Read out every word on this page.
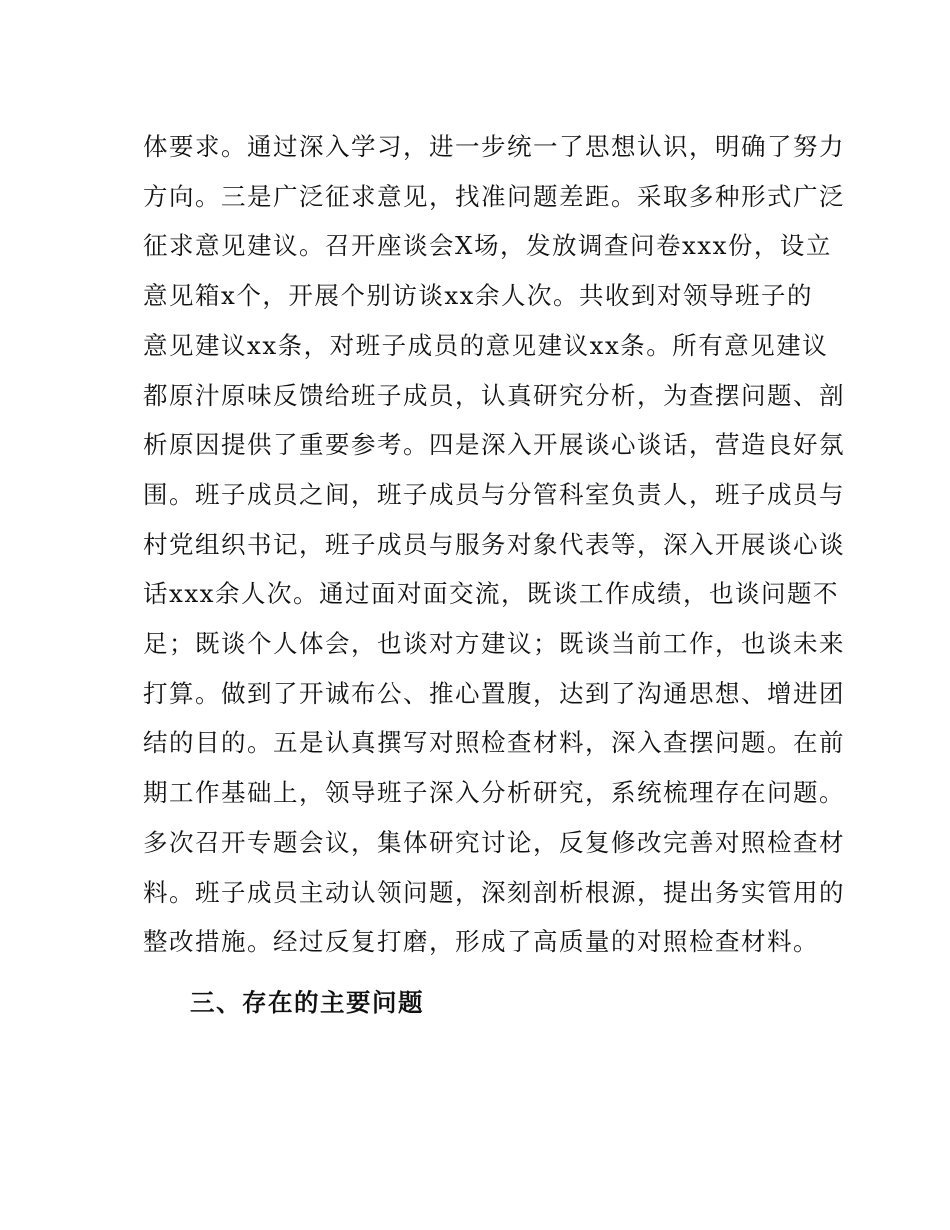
体要求。通过深入学习，进一步统一了思想认识，明确了努力
方向。三是广泛征求意见，找准问题差距。采取多种形式广泛
征求意见建议。召开座谈会X场，发放调查问卷xxx份，设立
意见箱x个，开展个别访谈xx余人次。共收到对领导班子的
意见建议xx条，对班子成员的意见建议xx条。所有意见建议
都原汁原味反馈给班子成员，认真研究分析，为查摆问题、剖
析原因提供了重要参考。四是深入开展谈心谈话，营造良好氛
围。班子成员之间，班子成员与分管科室负责人，班子成员与
村党组织书记，班子成员与服务对象代表等，深入开展谈心谈
话xxx余人次。通过面对面交流，既谈工作成绩，也谈问题不
足；既谈个人体会，也谈对方建议；既谈当前工作，也谈未来
打算。做到了开诚布公、推心置腹，达到了沟通思想、增进团
结的目的。五是认真撰写对照检查材料，深入查摆问题。在前
期工作基础上，领导班子深入分析研究，系统梳理存在问题。
多次召开专题会议，集体研究讨论，反复修改完善对照检查材
料。班子成员主动认领问题，深刻剖析根源，提出务实管用的
整改措施。经过反复打磨，形成了高质量的对照检查材料。

三、存在的主要问题
